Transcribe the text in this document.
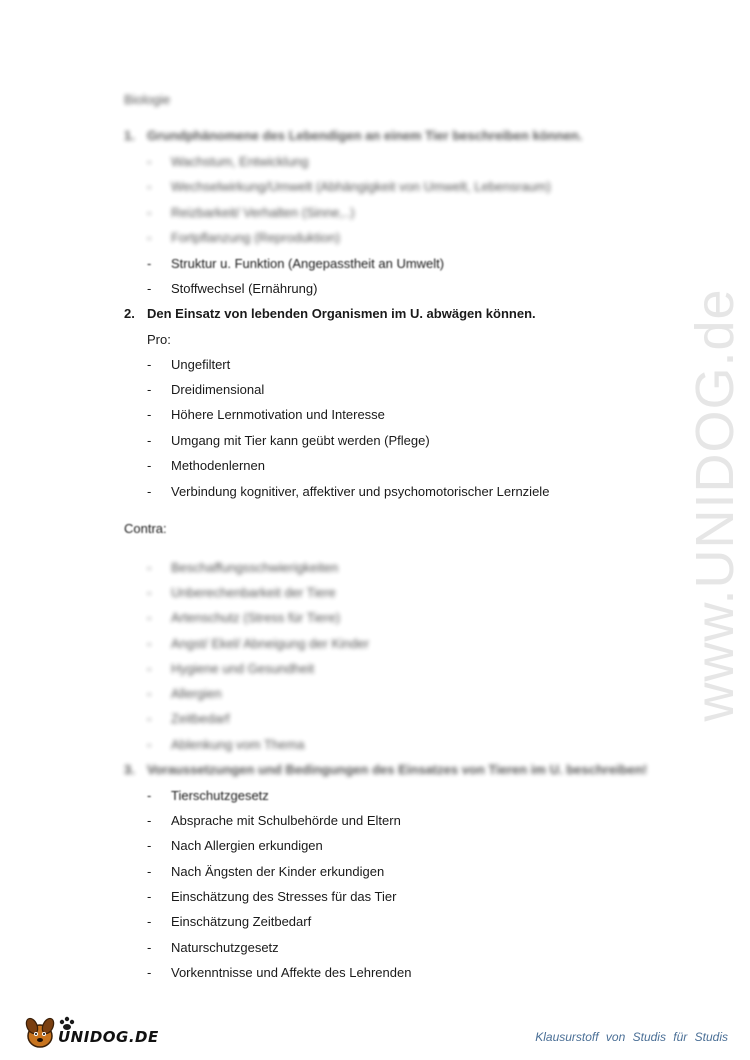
www.UNIDOG.de
Biologie
1. Grundphänomene des Lebendigen an einem Tier beschreiben können.
- Wachstum, Entwicklung
- Wechselwirkung/Umwelt (Abhängigkeit von Umwelt, Lebensraum)
- Reizbarkeit/ Verhalten (Sinne,..)
- Fortpflanzung (Reproduktion)
- Struktur u. Funktion (Angepasstheit an Umwelt)
- Stoffwechsel (Ernährung)
2. Den Einsatz von lebenden Organismen im U. abwägen können.
Pro:
- Ungefiltert
- Dreidimensional
- Höhere Lernmotivation und Interesse
- Umgang mit Tier kann geübt werden (Pflege)
- Methodenlernen
- Verbindung kognitiver, affektiver und psychomotorischer Lernziele
Contra:
- Beschaffungsschwierigkeiten
- Unberechenbarkeit der Tiere
- Artenschutz (Stress für Tiere)
- Angst/ Ekel/ Abneigung der Kinder
- Hygiene und Gesundheit
- Allergien
- Zeitbedarf
- Ablenkung vom Thema
3. Voraussetzungen und Bedingungen des Einsatzes von Tieren im U. beschreiben!
- Tierschutzgesetz
- Absprache mit Schulbehörde und Eltern
- Nach Allergien erkundigen
- Nach Ängsten der Kinder erkundigen
- Einschätzung des Stresses für das Tier
- Einschätzung Zeitbedarf
- Naturschutzgesetz
- Vorkenntnisse und Affekte des Lehrenden
UNIDOG.DE	Klausurstoff von Studis für Studis
